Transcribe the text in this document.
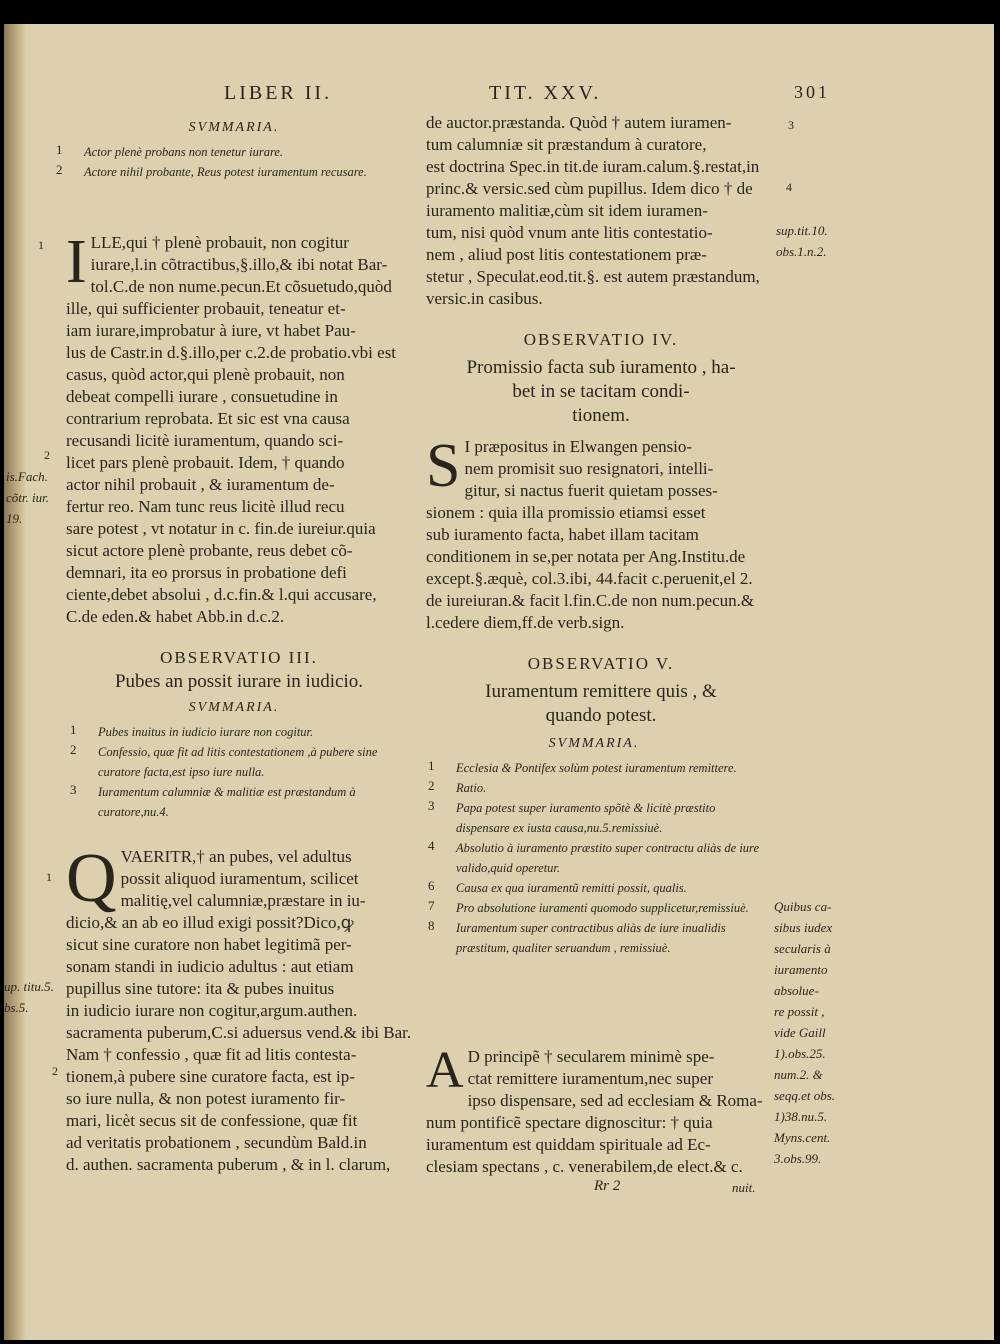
LIBER II.	TIT. XXV.	301
SVMMARIA.
1	Actor plenè probans non tenetur iurare.
2	Actore nihil probante, Reus potest iuramentum recusare.
1 I LLE,qui † plenè probauit, non cogitur

iurare,l.in cõtractibus,§.illo,& ibi notat Bar-

tol.C.de non nume.pecun.Et cõsuetudo,quòd

ille, qui sufficienter probauit, teneatur et-

iam iurare,improbatur à iure, vt habet Pau-

lus de Castr.in d.§.illo,per c.2.de probatio.vbi est

casus, quòd actor,qui plenè probauit, non

debeat compelli iurare , consuetudine in

contrarium reprobata. Et sic est vna causa

recusandi licitè iuramentum, quando sci-

licet pars plenè probauit. Idem, † quando

actor nihil probauit , & iuramentum de-

fertur reo. Nam tunc reus licitè illud recu

sare potest , vt notatur in c. fin.de iureiur.quia

sicut actore plenè probante, reus debet cõ-

demnari, ita eo prorsus in probatione defi

ciente,debet absolui , d.c.fin.& l.qui accusare,

C.de eden.& habet Abb.in d.c.2.

2
is.Fach.
cõtr. iur.
19.
OBSERVATIO III.
Pubes an possit iurare in iudicio.
SVMMARIA.
1	Pubes inuitus in iudicio iurare non cogitur.
2	Confessio, quæ fit ad litis contestationem ,à pubere sine curatore facta,est ipso iure nulla.
3	Iuramentum calumniæ & malitiæ est præstandum à curatore,nu.4.
1 Q VAERITR,† an pubes, vel adultus

possit aliquod iuramentum, scilicet

malitię,vel calumniæ,præstare in iu-

dicio,& an ab eo illud exigi possit?Dico,ꝙ

sicut sine curatore non habet legitimã per-

sonam standi in iudicio adultus : aut etiam

pupillus sine tutore: ita & pubes inuitus

in iudicio iurare non cogitur,argum.authen.

sacramenta puberum,C.si aduersus vend.& ibi Bar.

Nam † confessio , quæ fit ad litis contesta-

tionem,à pubere sine curatore facta, est ip-

so iure nulla, & non potest iuramento fir-

mari, licèt secus sit de confessione, quæ fit

ad veritatis probationem , secundùm Bald.in

d. authen. sacramenta puberum , & in l. clarum,

up. titu.5.
bs.5.
2

de auctor.præstanda. Quòd † autem iuramen-

tum calumniæ sit præstandum à curatore,

est doctrina Spec.in tit.de iuram.calum.§.restat,in

princ.& versic.sed cùm pupillus. Idem dico † de

iuramento malitiæ,cùm sit idem iuramen-

tum, nisi quòd vnum ante litis contestatio-

nem , aliud post litis contestationem præ-

stetur , Speculat.eod.tit.§. est autem præstandum,

versic.in casibus.

3
4
sup.tit.10.
obs.1.n.2.
OBSERVATIO IV.
Promissio facta sub iuramento , ha-
bet in se tacitam condi-
tionem.
S I præpositus in Elwangen pensio-

nem promisit suo resignatori, intelli-

gitur, si nactus fuerit quietam posses-

sionem : quia illa promissio etiamsi esset

sub iuramento facta, habet illam tacitam

conditionem in se,per notata per Ang.Institu.de

except.§.æquè, col.3.ibi, 44.facit c.peruenit,el 2.

de iureiuran.& facit l.fin.C.de non num.pecun.&

l.cedere diem,ff.de verb.sign.

OBSERVATIO V.
Iuramentum remittere quis , &
quando potest.
SVMMARIA.
1	Ecclesia & Pontifex solùm potest iuramentum remittere.
2	Ratio.
3	Papa potest super iuramento spõtè & licitè præstito dispensare ex iusta causa,nu.5.remissiuè.
4	Absolutio à iuramento præstito super contractu aliàs de iure valido,quid operetur.
6	Causa ex qua iuramentũ remitti possit, qualis.
7	Pro absolutione iuramenti quomodo supplicetur,remissiuè.
8	Iuramentum super contractibus aliàs de iure inualidis præstitum, qualiter seruandum , remissiuè.
A D principẽ † secularem minimè spe-

ctat remittere iuramentum,nec super

ipso dispensare, sed ad ecclesiam & Roma-

num pontificẽ spectare dignoscitur: † quia

iuramentum est quiddam spirituale ad Ec-

clesiam spectans , c. venerabilem,de elect.& c.

Quibus ca-
sibus iudex
secularis à
iuramento
absolue-
re possit ,
vide Gaill
1).obs.25.
num.2. &
seqq.et obs.
1)38.nu.5.
Myns.cent.
3.obs.99.
Rr 2	nuit.
